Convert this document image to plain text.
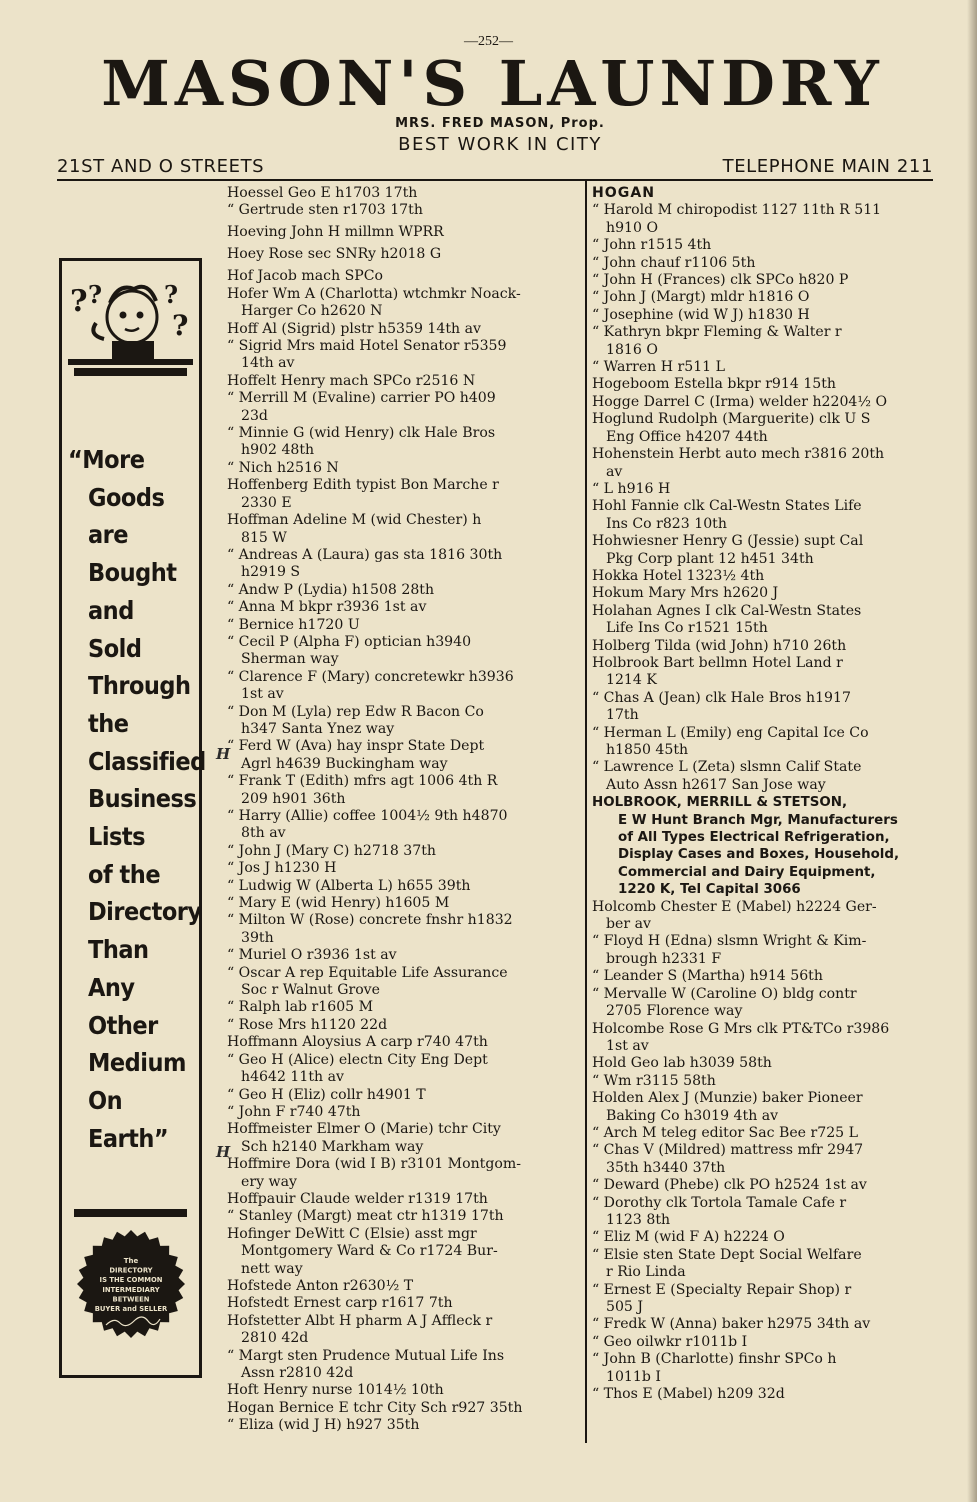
—252—
MASON'S LAUNDRY
MRS. FRED MASON, Prop.
BEST WORK IN CITY
21ST AND O STREETS	TELEPHONE MAIN 211
? ?	?
?
“More
Goods
are
Bought
and
Sold
Through
the
Classified
Business
Lists
of the
Directory
Than
Any
Other
Medium
On
Earth”
The
DIRECTORY
IS THE COMMON
INTERMEDIARY
BETWEEN
BUYER and SELLER
H
H
Hoessel Geo E h1703 17th
“ Gertrude sten r1703 17th
Hoeving John H millmn WPRR
Hoey Rose sec SNRy h2018 G
Hof Jacob mach SPCo
Hofer Wm A (Charlotta) wtchmkr Noack-
Harger Co h2620 N
Hoff Al (Sigrid) plstr h5359 14th av
“ Sigrid Mrs maid Hotel Senator r5359
14th av
Hoffelt Henry mach SPCo r2516 N
“ Merrill M (Evaline) carrier PO h409
23d
“ Minnie G (wid Henry) clk Hale Bros
h902 48th
“ Nich h2516 N
Hoffenberg Edith typist Bon Marche r
2330 E
Hoffman Adeline M (wid Chester) h
815 W
“ Andreas A (Laura) gas sta 1816 30th
h2919 S
“ Andw P (Lydia) h1508 28th
“ Anna M bkpr r3936 1st av
“ Bernice h1720 U
“ Cecil P (Alpha F) optician h3940
Sherman way
“ Clarence F (Mary) concretewkr h3936
1st av
“ Don M (Lyla) rep Edw R Bacon Co
h347 Santa Ynez way
“ Ferd W (Ava) hay inspr State Dept
Agrl h4639 Buckingham way
“ Frank T (Edith) mfrs agt 1006 4th R
209 h901 36th
“ Harry (Allie) coffee 1004½ 9th h4870
8th av
“ John J (Mary C) h2718 37th
“ Jos J h1230 H
“ Ludwig W (Alberta L) h655 39th
“ Mary E (wid Henry) h1605 M
“ Milton W (Rose) concrete fnshr h1832
39th
“ Muriel O r3936 1st av
“ Oscar A rep Equitable Life Assurance
Soc r Walnut Grove
“ Ralph lab r1605 M
“ Rose Mrs h1120 22d
Hoffmann Aloysius A carp r740 47th
“ Geo H (Alice) electn City Eng Dept
h4642 11th av
“ Geo H (Eliz) collr h4901 T
“ John F r740 47th
Hoffmeister Elmer O (Marie) tchr City
Sch h2140 Markham way
Hoffmire Dora (wid I B) r3101 Montgom-
ery way
Hoffpauir Claude welder r1319 17th
“ Stanley (Margt) meat ctr h1319 17th
Hofinger DeWitt C (Elsie) asst mgr
Montgomery Ward & Co r1724 Bur-
nett way
Hofstede Anton r2630½ T
Hofstedt Ernest carp r1617 7th
Hofstetter Albt H pharm A J Affleck r
2810 42d
“ Margt sten Prudence Mutual Life Ins
Assn r2810 42d
Hoft Henry nurse 1014½ 10th
Hogan Bernice E tchr City Sch r927 35th
“ Eliza (wid J H) h927 35th
HOGAN
“ Harold M chiropodist 1127 11th R 511
h910 O
“ John r1515 4th
“ John chauf r1106 5th
“ John H (Frances) clk SPCo h820 P
“ John J (Margt) mldr h1816 O
“ Josephine (wid W J) h1830 H
“ Kathryn bkpr Fleming & Walter r
1816 O
“ Warren H r511 L
Hogeboom Estella bkpr r914 15th
Hogge Darrel C (Irma) welder h2204½ O
Hoglund Rudolph (Marguerite) clk U S
Eng Office h4207 44th
Hohenstein Herbt auto mech r3816 20th
av
“ L h916 H
Hohl Fannie clk Cal-Westn States Life
Ins Co r823 10th
Hohwiesner Henry G (Jessie) supt Cal
Pkg Corp plant 12 h451 34th
Hokka Hotel 1323½ 4th
Hokum Mary Mrs h2620 J
Holahan Agnes I clk Cal-Westn States
Life Ins Co r1521 15th
Holberg Tilda (wid John) h710 26th
Holbrook Bart bellmn Hotel Land r
1214 K
“ Chas A (Jean) clk Hale Bros h1917
17th
“ Herman L (Emily) eng Capital Ice Co
h1850 45th
“ Lawrence L (Zeta) slsmn Calif State
Auto Assn h2617 San Jose way
HOLBROOK, MERRILL & STETSON,
E W Hunt Branch Mgr, Manufacturers
of All Types Electrical Refrigeration,
Display Cases and Boxes, Household,
Commercial and Dairy Equipment,
1220 K, Tel Capital 3066
Holcomb Chester E (Mabel) h2224 Ger-
ber av
“ Floyd H (Edna) slsmn Wright & Kim-
brough h2331 F
“ Leander S (Martha) h914 56th
“ Mervalle W (Caroline O) bldg contr
2705 Florence way
Holcombe Rose G Mrs clk PT&TCo r3986
1st av
Hold Geo lab h3039 58th
“ Wm r3115 58th
Holden Alex J (Munzie) baker Pioneer
Baking Co h3019 4th av
“ Arch M teleg editor Sac Bee r725 L
“ Chas V (Mildred) mattress mfr 2947
35th h3440 37th
“ Deward (Phebe) clk PO h2524 1st av
“ Dorothy clk Tortola Tamale Cafe r
1123 8th
“ Eliz M (wid F A) h2224 O
“ Elsie sten State Dept Social Welfare
r Rio Linda
“ Ernest E (Specialty Repair Shop) r
505 J
“ Fredk W (Anna) baker h2975 34th av
“ Geo oilwkr r1011b I
“ John B (Charlotte) finshr SPCo h
1011b I
“ Thos E (Mabel) h209 32d
